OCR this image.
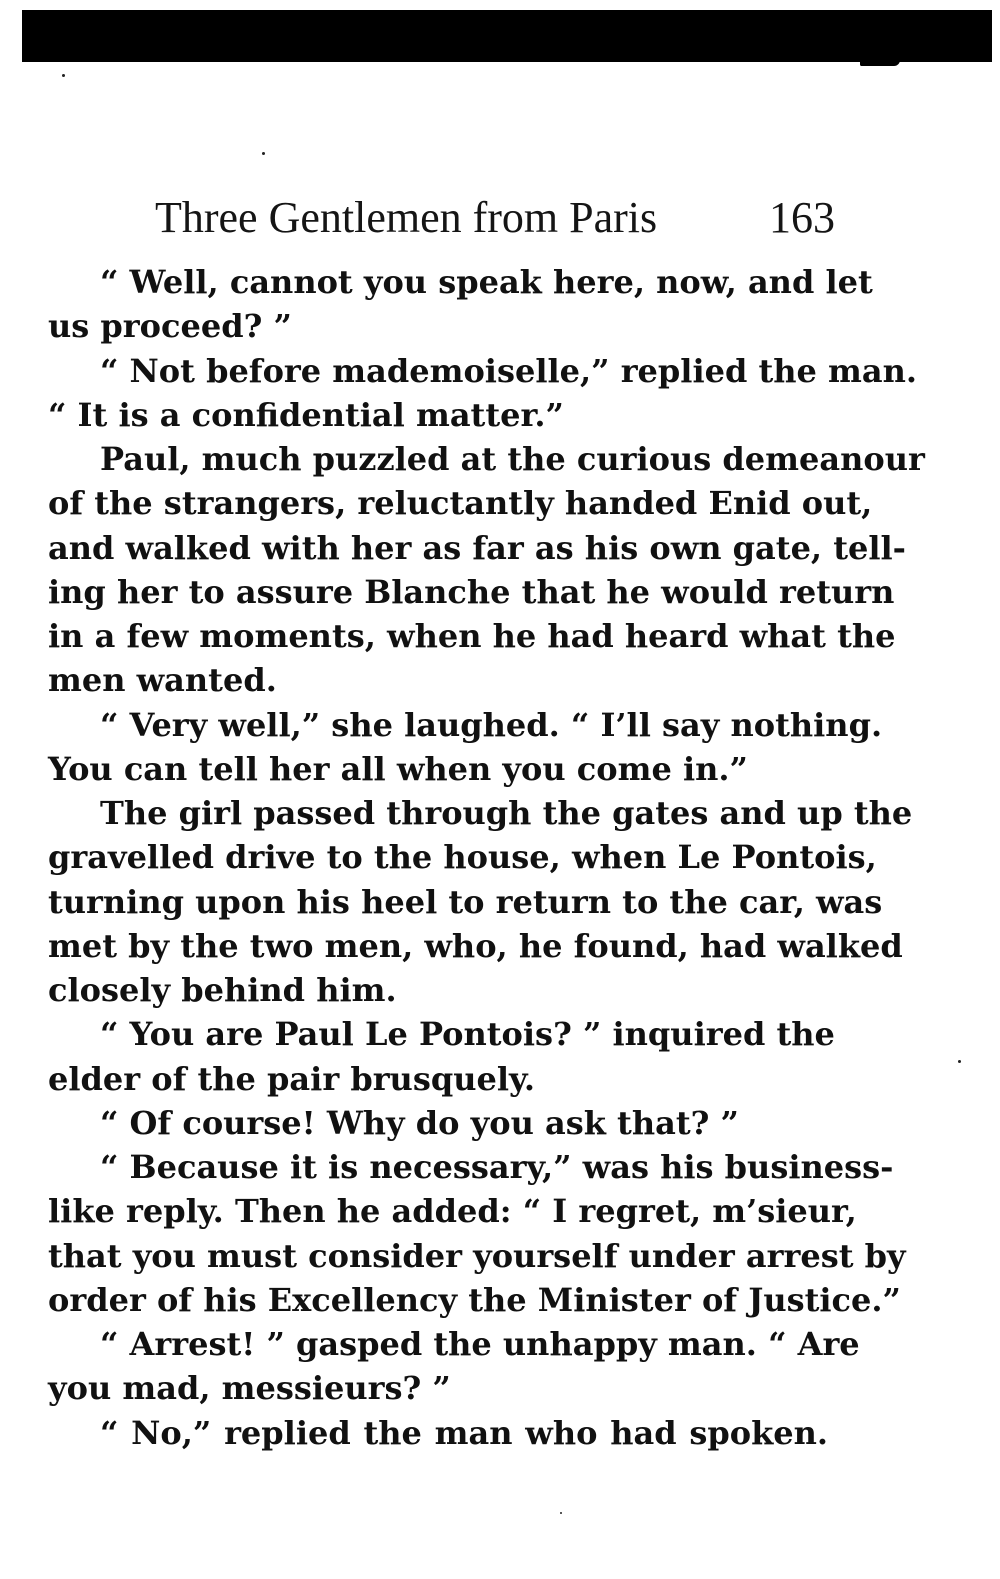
Three Gentlemen from Paris	163
“ Well, cannot you speak here, now, and let
us proceed? ”
“ Not before mademoiselle,” replied the man.
“ It is a confidential matter.”
Paul, much puzzled at the curious demeanour
of the strangers, reluctantly handed Enid out,
and walked with her as far as his own gate, tell-
ing her to assure Blanche that he would return
in a few moments, when he had heard what the
men wanted.
“ Very well,” she laughed. “ I’ll say nothing.
You can tell her all when you come in.”
The girl passed through the gates and up the
gravelled drive to the house, when Le Pontois,
turning upon his heel to return to the car, was
met by the two men, who, he found, had walked
closely behind him.
“ You are Paul Le Pontois? ” inquired the
elder of the pair brusquely.
“ Of course! Why do you ask that? ”
“ Because it is necessary,” was his business-
like reply. Then he added: “ I regret, m’sieur,
that you must consider yourself under arrest by
order of his Excellency the Minister of Justice.”
“ Arrest! ” gasped the unhappy man. “ Are
you mad, messieurs? ”
“ No,” replied the man who had spoken.
